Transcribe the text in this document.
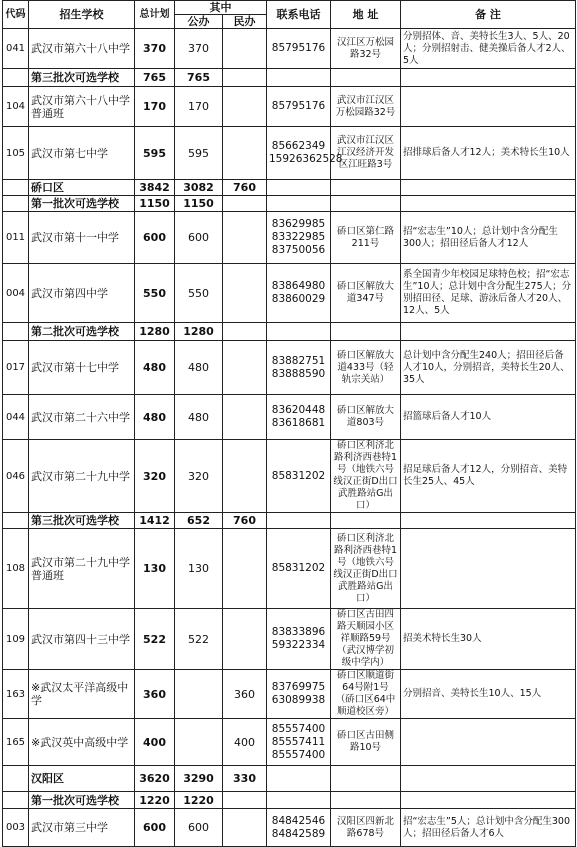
代码	招生学校	总计划	其中		联系电话	地 址	备 注
			公办	民办			
041	武汉市第六十八中学	370	370		85795176	汉江区万松园路32号	分别招体、音、美特长生3人、5人、20人；分别招射击、健美操后备人才2人、5人
	第三批次可选学校	765	765				
104	武汉市第六十八中学普通班	170	170		85795176	武汉市江汉区万松园路32号	
105	武汉市第七中学	595	595		85662349
15926362528	武汉市江汉区江汉经济开发区江旺路3号	招排球后备人才12人；美术特长生10人
	硚口区	3842	3082	760			
	第一批次可选学校	1150	1150				
011	武汉市第十一中学	600	600		83629985
83322985
83750056	硚口区第仁路211号	招“宏志生”10人；总计划中含分配生300人；招田径后备人才12人
004	武汉市第四中学	550	550		83864980
83860029	硚口区解放大道347号	系全国青少年校园足球特色校；招“宏志生”10人；总计划中含分配生275人；分别招田径、足球、游泳后备人才20人、12人、5人
	第二批次可选学校	1280	1280				
017	武汉市第十七中学	480	480		83882751
83888590	硚口区解放大道433号（轻轨宗关站）	总计划中含分配生240人；招田径后备人才10人，分别招音，美特长生20人、35人
044	武汉市第二十六中学	480	480		83620448
83618681	硚口区解放大道803号	招篮球后备人才10人
046	武汉市第二十九中学	320	320		85831202	硚口区利济北路利济西巷特1号（地铁六号线汉正街D出口武胜路站G出口）	招足球后备人才12人，分别招音、美特长生25人、45人
	第三批次可选学校	1412	652	760			
108	武汉市第二十九中学普通班	130	130		85831202	硚口区利济北路利济西巷特1号（地铁六号线汉正街D出口武胜路站G出口）	
109	武汉市第四十三中学	522	522		83833896
59322334	硚口区古田四路天顺园小区祥顺路59号（武汉博学初级中学内）	招美术特长生30人
163	※武汉太平洋高级中学	360		360	83769975
63089938	硚口区顺道街64号附1号（硚口区64中顺道校区旁）	分别招音、美特长生10人、15人
165	※武汉英中高级中学	400		400	85557400
85557411
85557400	硚口区古田侧路10号	
	汉阳区	3620	3290	330			
	第一批次可选学校	1220	1220				
003	武汉市第三中学	600	600		84842546
84842589	汉阳区四新北路678号	招“宏志生”5人；总计划中含分配生300人；招田径后备人才6人
